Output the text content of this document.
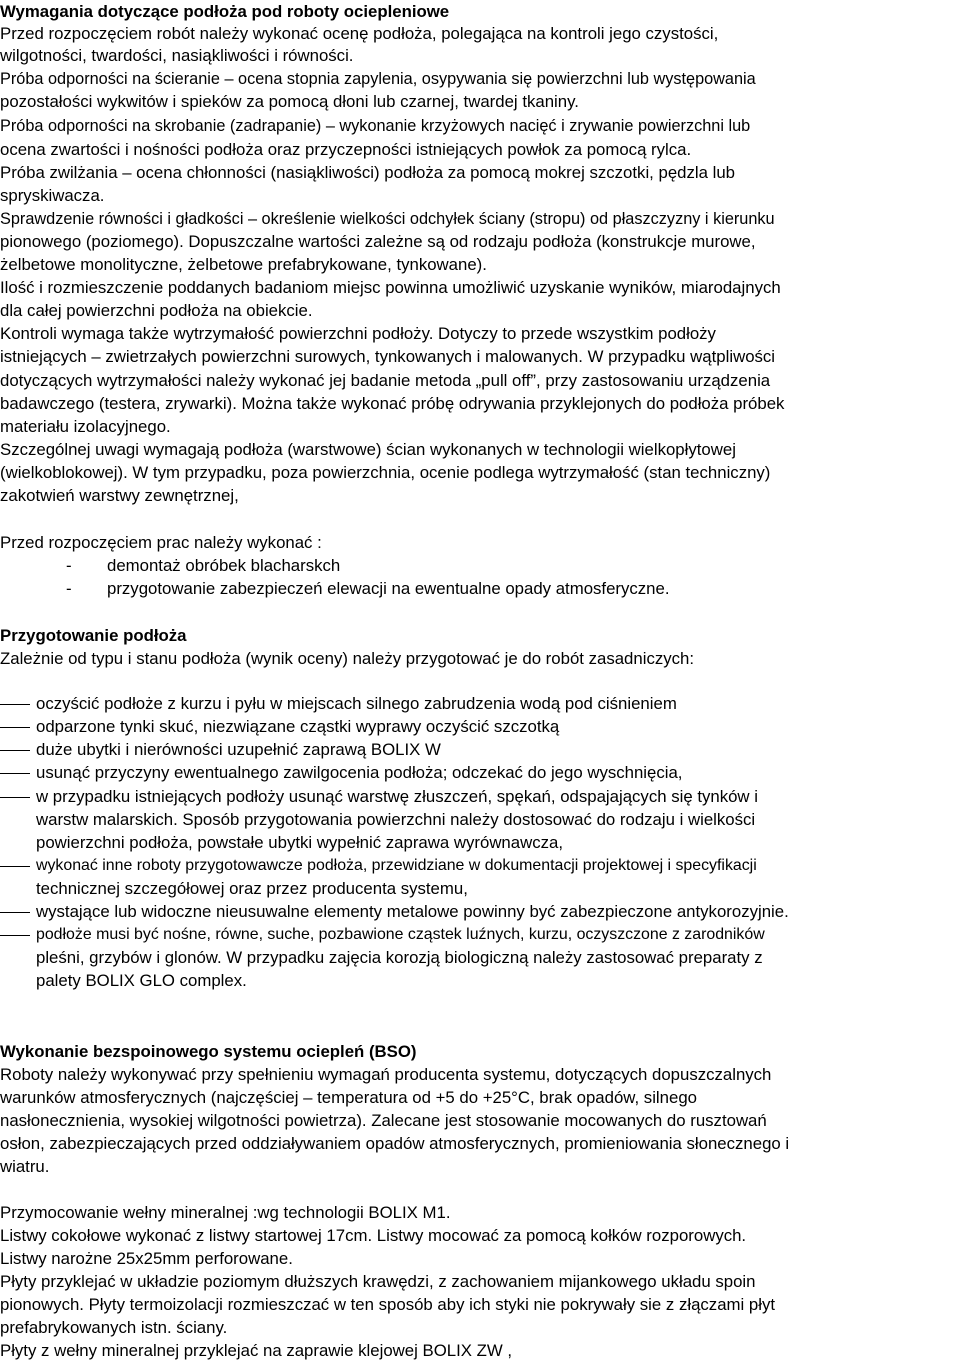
Wymagania dotyczące podłoża pod roboty ociepleniowe
Przed rozpoczęciem robót należy wykonać ocenę podłoża, polegająca na kontroli jego czystości,
wilgotności, twardości, nasiąkliwości i równości.
Próba odporności na ścieranie – ocena stopnia zapylenia, osypywania się powierzchni lub występowania
pozostałości wykwitów i spieków za pomocą dłoni lub czarnej, twardej tkaniny.
Próba odporności na skrobanie (zadrapanie) – wykonanie krzyżowych nacięć i zrywanie powierzchni lub
ocena zwartości i nośności podłoża oraz przyczepności istniejących powłok za pomocą rylca.
Próba zwilżania – ocena chłonności (nasiąkliwości) podłoża za pomocą mokrej szczotki, pędzla lub
spryskiwacza.
Sprawdzenie równości i gładkości – określenie wielkości odchyłek ściany (stropu) od płaszczyzny i kierunku
pionowego (poziomego). Dopuszczalne wartości zależne są od rodzaju podłoża (konstrukcje murowe,
żelbetowe monolityczne, żelbetowe prefabrykowane, tynkowane).
Ilość i rozmieszczenie poddanych badaniom miejsc powinna umożliwić uzyskanie wyników, miarodajnych
dla całej powierzchni podłoża na obiekcie.
Kontroli wymaga także wytrzymałość powierzchni podłoży. Dotyczy to przede wszystkim podłoży
istniejących – zwietrzałych powierzchni surowych, tynkowanych i malowanych. W przypadku wątpliwości
dotyczących wytrzymałości należy wykonać jej badanie metoda „pull off”, przy zastosowaniu urządzenia
badawczego (testera, zrywarki). Można także wykonać próbę odrywania przyklejonych do podłoża próbek
materiału izolacyjnego.
Szczególnej uwagi wymagają podłoża (warstwowe) ścian wykonanych w technologii wielkopłytowej
(wielkoblokowej). W tym przypadku, poza powierzchnia, ocenie podlega wytrzymałość (stan techniczny)
zakotwień warstwy zewnętrznej,
Przed rozpoczęciem prac należy wykonać :
- demontaż obróbek blacharskch
- przygotowanie zabezpieczeń elewacji na ewentualne opady atmosferyczne.
Przygotowanie podłoża
Zależnie od typu i stanu podłoża (wynik oceny) należy przygotować je do robót zasadniczych:
oczyścić podłoże z kurzu i pyłu w miejscach silnego zabrudzenia wodą pod ciśnieniem
odparzone tynki skuć, niezwiązane cząstki wyprawy oczyścić szczotką
duże ubytki i nierówności uzupełnić zaprawą BOLIX W
usunąć przyczyny ewentualnego zawilgocenia podłoża; odczekać do jego wyschnięcia,
w przypadku istniejących podłoży usunąć warstwę złuszczeń, spękań, odspajających się tynków i
warstw malarskich. Sposób przygotowania powierzchni należy dostosować do rodzaju i wielkości
powierzchni podłoża, powstałe ubytki wypełnić zaprawa wyrównawcza,
wykonać inne roboty przygotowawcze podłoża, przewidziane w dokumentacji projektowej i specyfikacji
technicznej szczegółowej oraz przez producenta systemu,
wystające lub widoczne nieusuwalne elementy metalowe powinny być zabezpieczone antykorozyjnie.
podłoże musi być nośne, równe, suche, pozbawione cząstek luźnych, kurzu, oczyszczone z zarodników
pleśni, grzybów i glonów. W przypadku zajęcia korozją biologiczną należy zastosować preparaty z
palety BOLIX GLO complex.
Wykonanie bezspoinowego systemu ociepleń (BSO)
Roboty należy wykonywać przy spełnieniu wymagań producenta systemu, dotyczących dopuszczalnych
warunków atmosferycznych (najczęściej – temperatura od +5 do +25°C, brak opadów, silnego
nasłonecznienia, wysokiej wilgotności powietrza). Zalecane jest stosowanie mocowanych do rusztowań
osłon, zabezpieczających przed oddziaływaniem opadów atmosferycznych, promieniowania słonecznego i
wiatru.
Przymocowanie wełny mineralnej :wg technologii BOLIX M1.
Listwy cokołowe wykonać z listwy startowej 17cm. Listwy mocować za pomocą kołków rozporowych.
Listwy narożne 25x25mm perforowane.
Płyty przyklejać w układzie poziomym dłuższych krawędzi, z zachowaniem mijankowego układu spoin
pionowych. Płyty termoizolacji rozmieszczać w ten sposób aby ich styki nie pokrywały sie z złączami płyt
prefabrykowanych istn. ściany.
Płyty z wełny mineralnej przyklejać na zaprawie klejowej BOLIX ZW ,
